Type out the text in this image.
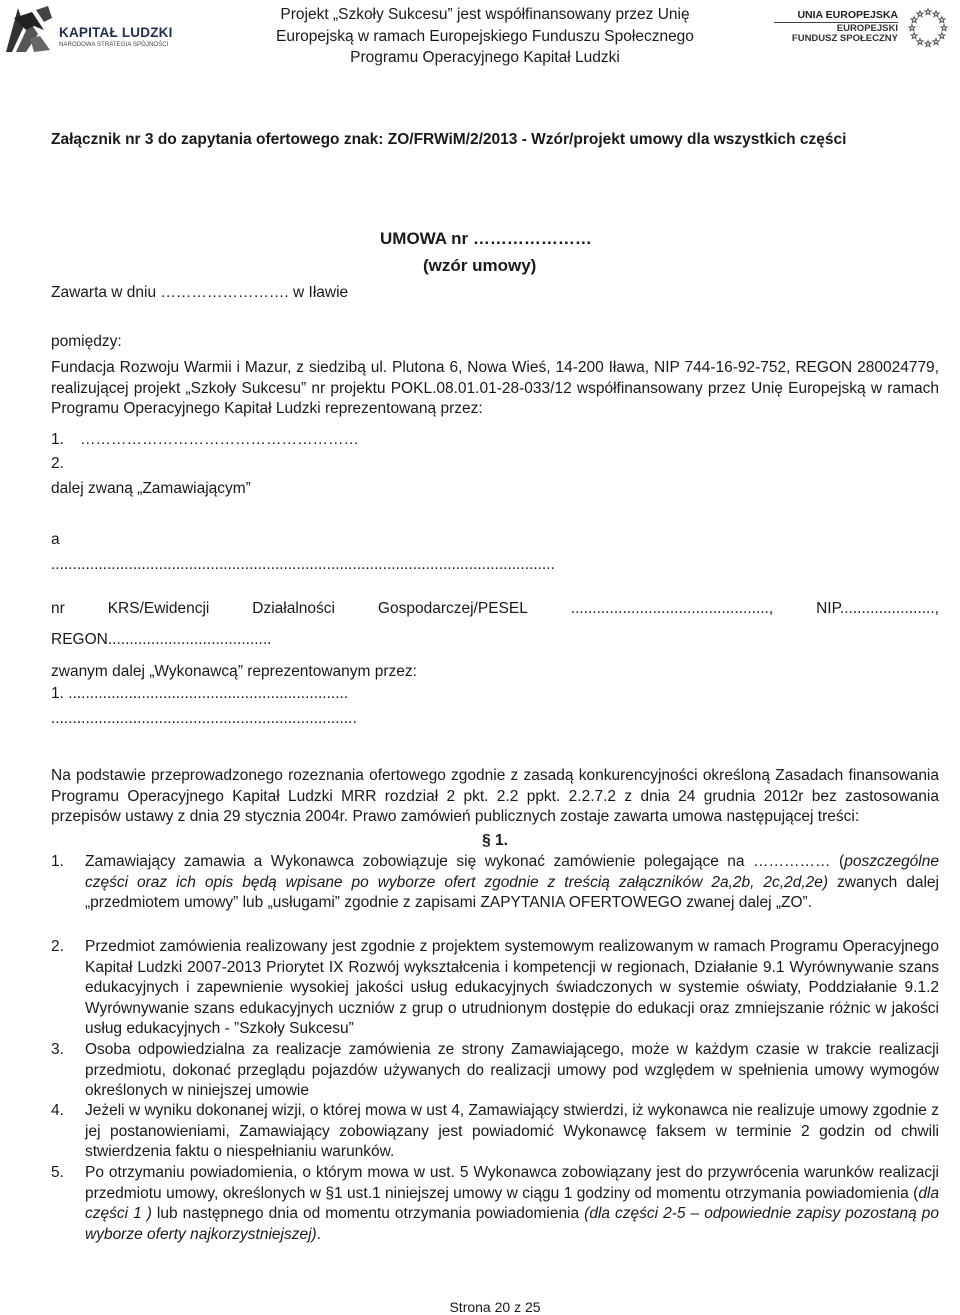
KAPITAŁ LUDZKI
NARODOWA STRATEGIA SPÓJNOŚCI
Projekt „Szkoły Sukcesu” jest współfinansowany przez Unię
Europejską w ramach Europejskiego Funduszu Społecznego
Programu Operacyjnego Kapitał Ludzki
UNIA EUROPEJSKA
EUROPEJSKI
FUNDUSZ SPOŁECZNY
Załącznik nr 3 do zapytania ofertowego znak: ZO/FRWiM/2/2013 - Wzór/projekt umowy dla wszystkich części
UMOWA nr …………………
(wzór umowy)
Zawarta w dniu ……………………. w Iławie
pomiędzy:
Fundacja Rozwoju Warmii i Mazur, z siedzibą ul. Plutona 6, Nowa Wieś, 14-200 Iława, NIP 744-16-92-752, REGON 280024779, realizującej projekt „Szkoły Sukcesu” nr projektu POKL.08.01.01-28-033/12 współfinansowany przez Unię Europejską w ramach Programu Operacyjnego Kapitał Ludzki reprezentowaną przez:
1. ………………………………………………
2.
dalej zwaną „Zamawiającym”
a
.....................................................................................................................
nr	KRS/Ewidencji	Działalności	Gospodarczej/PESEL	..............................................,	NIP......................,
REGON......................................
zwanym dalej „Wykonawcą” reprezentowanym przez:
1. .................................................................
.......................................................................
Na podstawie przeprowadzonego rozeznania ofertowego zgodnie z zasadą konkurencyjności określoną Zasadach finansowania Programu Operacyjnego Kapitał Ludzki MRR rozdział 2 pkt. 2.2 ppkt. 2.2.7.2 z dnia 24 grudnia 2012r bez zastosowania przepisów ustawy z dnia 29 stycznia 2004r. Prawo zamówień publicznych zostaje zawarta umowa następującej treści:
§ 1.
1. Zamawiający zamawia a Wykonawca zobowiązuje się wykonać zamówienie polegające na …………… (poszczególne części oraz ich opis będą wpisane po wyborze ofert zgodnie z treścią załączników 2a,2b, 2c,2d,2e) zwanych dalej „przedmiotem umowy” lub „usługami” zgodnie z zapisami ZAPYTANIA OFERTOWEGO zwanej dalej „ZO”.
2. Przedmiot zamówienia realizowany jest zgodnie z projektem systemowym realizowanym w ramach Programu Operacyjnego Kapitał Ludzki 2007-2013 Priorytet IX Rozwój wykształcenia i kompetencji w regionach, Działanie 9.1 Wyrównywanie szans edukacyjnych i zapewnienie wysokiej jakości usług edukacyjnych świadczonych w systemie oświaty, Poddziałanie 9.1.2 Wyrównywanie szans edukacyjnych uczniów z grup o utrudnionym dostępie do edukacji oraz zmniejszanie różnic w jakości usług edukacyjnych - ”Szkoły Sukcesu”
3. Osoba odpowiedzialna za realizacje zamówienia ze strony Zamawiającego, może w każdym czasie w trakcie realizacji przedmiotu, dokonać przeglądu pojazdów używanych do realizacji umowy pod względem w spełnienia umowy wymogów określonych w niniejszej umowie
4. Jeżeli w wyniku dokonanej wizji, o której mowa w ust 4, Zamawiający stwierdzi, iż wykonawca nie realizuje umowy zgodnie z jej postanowieniami, Zamawiający zobowiązany jest powiadomić Wykonawcę faksem w terminie 2 godzin od chwili stwierdzenia faktu o niespełnianiu warunków.
5. Po otrzymaniu powiadomienia, o którym mowa w ust. 5 Wykonawca zobowiązany jest do przywrócenia warunków realizacji przedmiotu umowy, określonych w §1 ust.1 niniejszej umowy w ciągu 1 godziny od momentu otrzymania powiadomienia (dla części 1 ) lub następnego dnia od momentu otrzymania powiadomienia (dla części 2-5 – odpowiednie zapisy pozostaną po wyborze oferty najkorzystniejszej).
Strona 20 z 25
